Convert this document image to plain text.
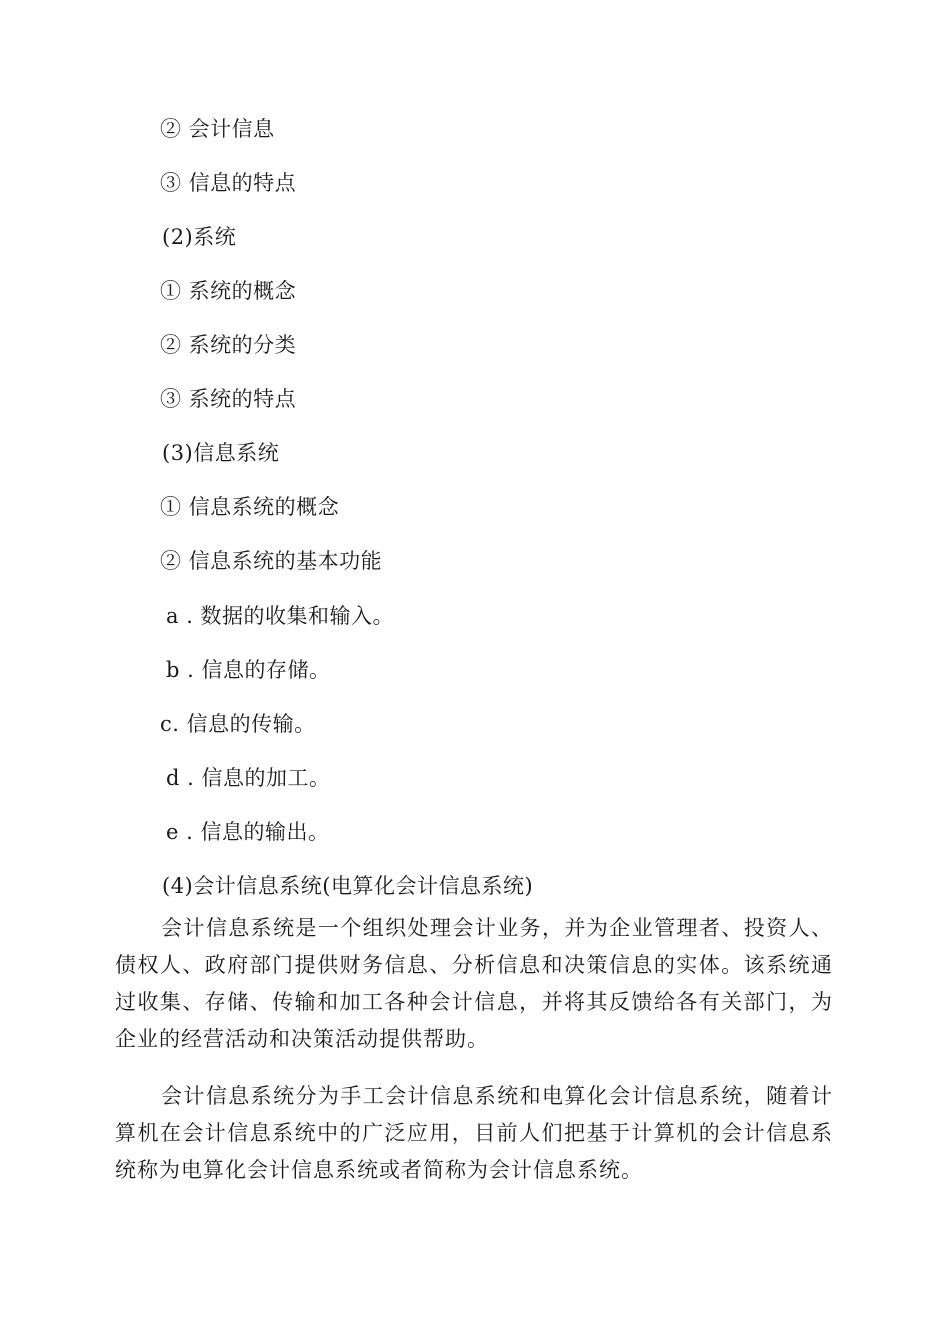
② 会计信息
③ 信息的特点
(2)系统
① 系统的概念
② 系统的分类
③ 系统的特点
(3)信息系统
① 信息系统的概念
② 信息系统的基本功能
a . 数据的收集和输入。
b . 信息的存储。
c. 信息的传输。
d . 信息的加工。
e . 信息的输出。
(4)会计信息系统(电算化会计信息系统)

会计信息系统是一个组织处理会计业务，并为企业管理者、投资人、债权人、政府部门提供财务信息、分析信息和决策信息的实体。该系统通过收集、存储、传输和加工各种会计信息，并将其反馈给各有关部门，为企业的经营活动和决策活动提供帮助。

会计信息系统分为手工会计信息系统和电算化会计信息系统，随着计算机在会计信息系统中的广泛应用，目前人们把基于计算机的会计信息系统称为电算化会计信息系统或者简称为会计信息系统。
